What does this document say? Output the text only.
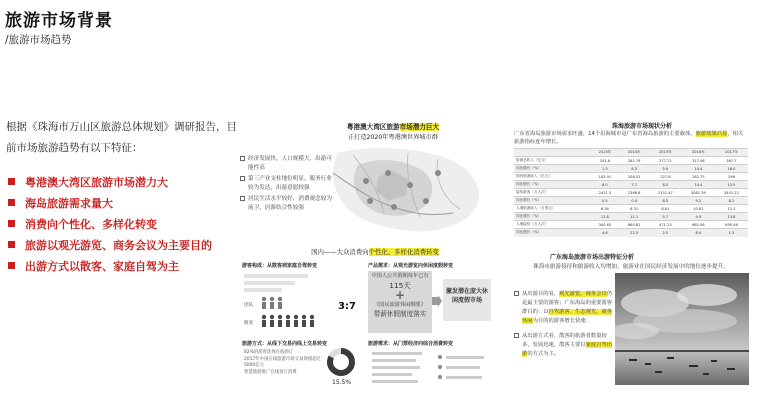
旅游市场背景
/旅游市场趋势
根据《珠海市万山区旅游总体规划》调研报告，目前市场旅游趋势有以下特征：
粤港澳大湾区旅游市场潜力大
海岛旅游需求量大
消费向个性化、多样化转变
旅游以观光游览、商务会议为主要目的
出游方式以散客、家庭自驾为主
粤港澳大湾区旅游市场潜力巨大
正打造2020年粤港澳世界城市群
经济发展快，人口规模大，出游可能性高
第三产业支柱地位明显，服务行业较为发达，出游意愿较强
居民生活水平较好，消费观念较为前卫，居游结合性较强
国内——大众消费向个性化、多样化消费转变
游客构成：从散客到家庭自驾转变
团队
散客
3:7
产品需求：从观光游览向休闲度假转变
中国人公共假期每年已有
115天
+
《国民旅游休闲纲要》
带薪休假制度落实
激发潜在庞大休闲度假市场
旅游方式：从线下交易向线上交易转变
82%的游客选择在线预订
2017年中国在线旅游市场交易规模超过5000亿元
智慧旅游推广在线预订消费
15.5%
旅游需求：从门票经济向综合消费转变
珠海旅游市场现状分析
广东省海岛旅游市场需求旺盛，14个沿海城市是广东省海岛旅游的主要载体，旅游效果凸显，相关旅游指标连年增长。
	2013年	2014年	2015年	2016年	2017年
旅游总收入（亿元）	241.8	261.79	277.72	317.06	367.7
同比增长（%）	1.3	8.3	5.9	14.4	16.0
国内旅游收入（亿元）	183.91	208.52	227.8	262.75	296
同比增长（%）	8.0	7.7	8.5	14.4	15.5
接待游客（万人次）	2411.3	2368.6	2151.47	3081.39	3401.22
同比增长（%）	0.5	0.4	8.5	9.2	8.2
入境旅游收入（万美元）	6.36	6.31	6.61	10.81	12.1
同比增长（%）	12.8	11.1	5.7	9.5	13.8
入境接待（万人次）	340.65	860.81	471.23	662.56	695.46
同比增长（%）	4.6	22.5	2.5	8.4	1.3
广东海岛旅游市场出游特征分析
珠海市旅游接待和旅游收入均增加，旅游业在国民经济发展中的地位逐步提升。
从出游目的看，观光游览、商务会议仍是最主要的游客；广东海岛的重要游客群目的：以自驾游客、生态观光、商务休闲为目的的游客增长快速；
从出游方式看，散客的旅游者数量较多，发展迅速，散客主要以家庭自驾出游的方式为主。
